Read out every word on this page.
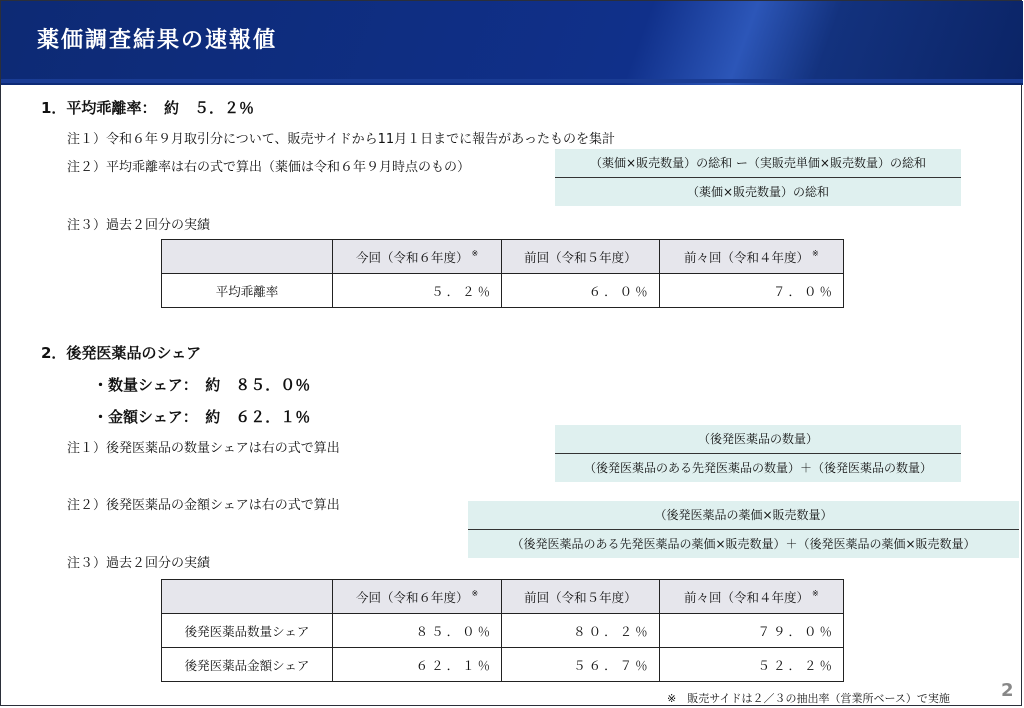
薬価調査結果の速報値
1．平均乖離率：　約　５．２％
注１）令和６年９月取引分について、販売サイドから11月１日までに報告があったものを集計
注２）平均乖離率は右の式で算出（薬価は令和６年９月時点のもの）	（薬価×販売数量）の総和 ー（実販売単価×販売数量）の総和
（薬価×販売数量）の総和
注３）過去２回分の実績
	今回（令和６年度） ※	前回（令和５年度）	前々回（令和４年度） ※
平均乖離率	５．２％	６．０％	７．０％
2．後発医薬品のシェア
・数量シェア：　約　８５．０％
・金額シェア：　約　６２．１％
注１）後発医薬品の数量シェアは右の式で算出
（後発医薬品の数量）
（後発医薬品のある先発医薬品の数量）＋（後発医薬品の数量）
注２）後発医薬品の金額シェアは右の式で算出
（後発医薬品の薬価×販売数量）
（後発医薬品のある先発医薬品の薬価×販売数量）＋（後発医薬品の薬価×販売数量）
注３）過去２回分の実績
	今回（令和６年度） ※	前回（令和５年度）	前々回（令和４年度） ※
後発医薬品数量シェア	８５．０％	８０．２％	７９．０％
後発医薬品金額シェア	６２．１％	５６．７％	５２．２％
※　販売サイドは２／３の抽出率（営業所ベース）で実施	2
